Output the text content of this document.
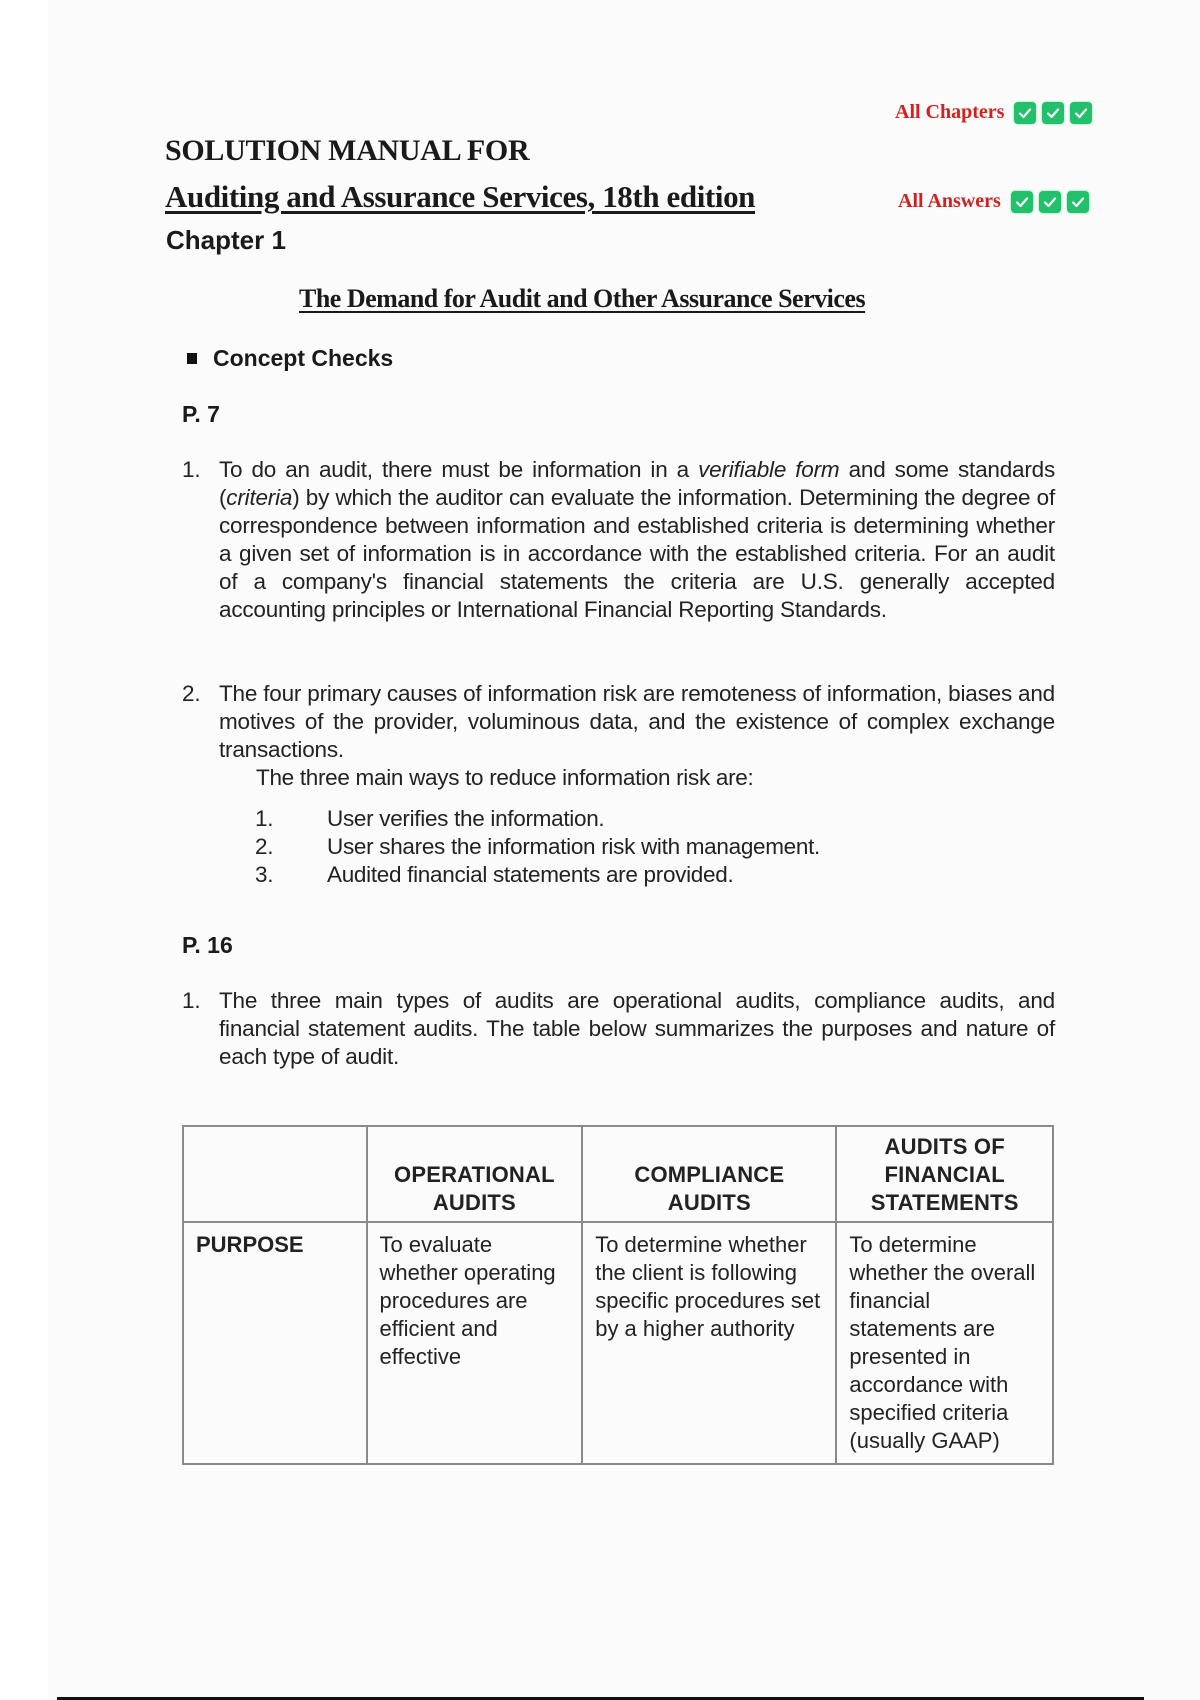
All Chapters
All Answers
SOLUTION MANUAL FOR
Auditing and Assurance Services, 18th edition
Chapter 1
The Demand for Audit and Other Assurance Services
Concept Checks
P. 7
1. To do an audit, there must be information in a verifiable form and some standards (criteria) by which the auditor can evaluate the information. Determining the degree of correspondence between information and established criteria is determining whether a given set of information is in accordance with the established criteria. For an audit of a company's financial statements the criteria are U.S. generally accepted accounting principles or International Financial Reporting Standards.
2. The four primary causes of information risk are remoteness of information, biases and motives of the provider, voluminous data, and the existence of complex exchange transactions.
The three main ways to reduce information risk are:
1.	User verifies the information.
2.	User shares the information risk with management.
3.	Audited financial statements are provided.
P. 16
1. The three main types of audits are operational audits, compliance audits, and financial statement audits. The table below summarizes the purposes and nature of each type of audit.
	OPERATIONAL AUDITS	COMPLIANCE AUDITS	AUDITS OF FINANCIAL STATEMENTS
PURPOSE	To evaluate whether operating procedures are efficient and effective	To determine whether the client is following specific procedures set by a higher authority	To determine whether the overall financial statements are presented in accordance with specified criteria (usually GAAP)
